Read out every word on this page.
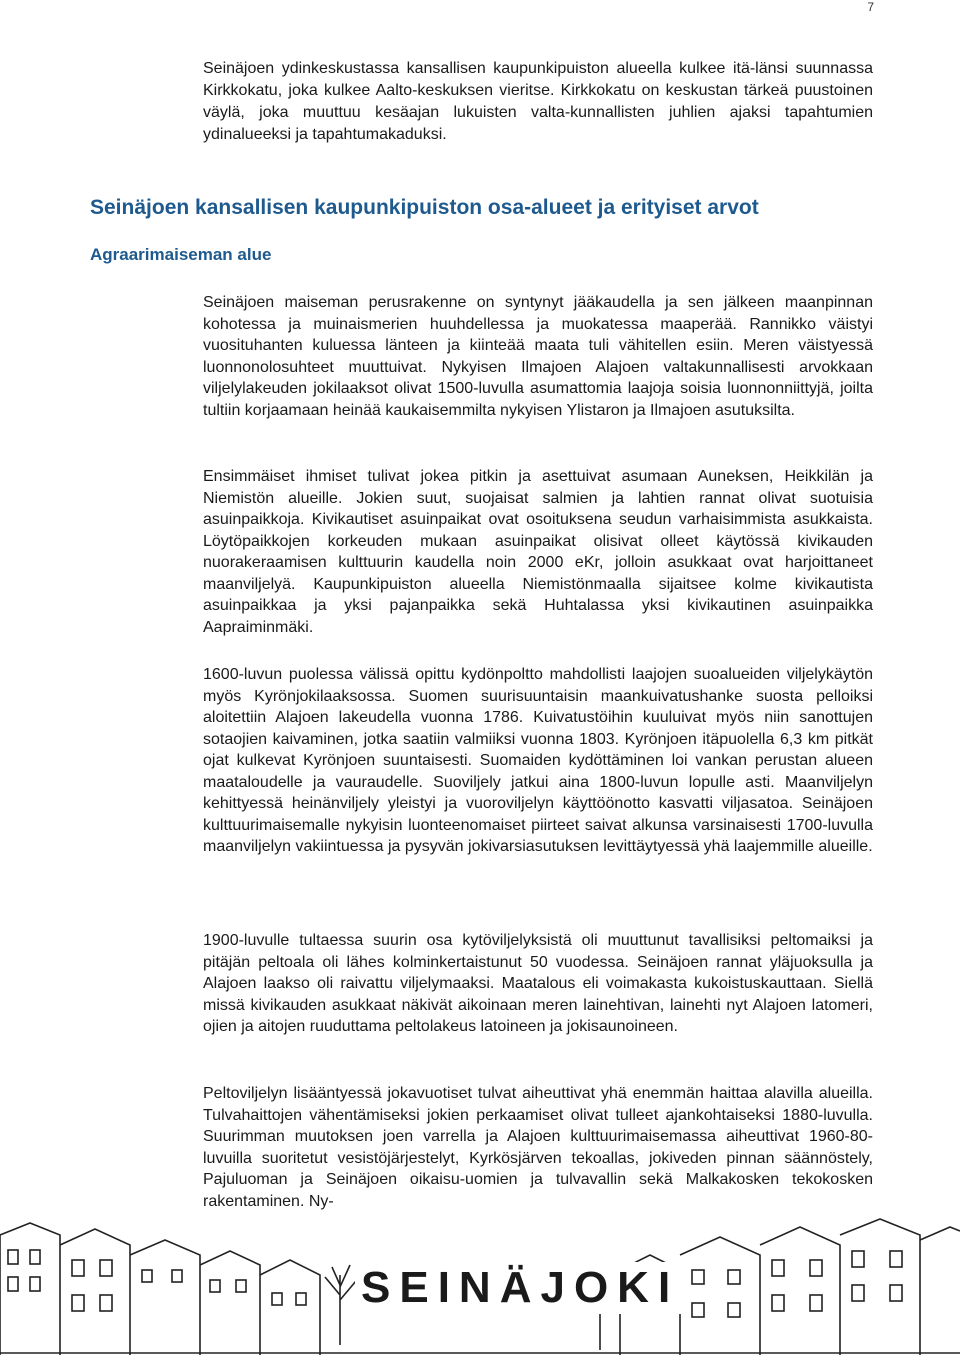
7

Seinäjoen ydinkeskustassa kansallisen kaupunkipuiston alueella kulkee itä-länsi suunnassa Kirkkokatu, joka kulkee Aalto-keskuksen vieritse. Kirkkokatu on keskustan tärkeä puustoinen väylä, joka muuttuu kesäajan lukuisten valta-kunnallisten juhlien ajaksi tapahtumien ydinalueeksi ja tapahtumakaduksi.

Seinäjoen kansallisen kaupunkipuiston osa-alueet ja erityiset arvot
Agraarimaiseman alue

Seinäjoen maiseman perusrakenne on syntynyt jääkaudella ja sen jälkeen maanpinnan kohotessa ja muinaismerien huuhdellessa ja muokatessa maaperää. Rannikko väistyi vuosituhanten kuluessa länteen ja kiinteää maata tuli vähitellen esiin. Meren väistyessä luonnonolosuhteet muuttuivat. Nykyisen Ilmajoen Alajoen valtakunnallisesti arvokkaan viljelylakeuden jokilaaksot olivat 1500-luvulla asumattomia laajoja soisia luonnonniittyjä, joilta tultiin korjaamaan heinää kaukaisemmilta nykyisen Ylistaron ja Ilmajoen asutuksilta.

Ensimmäiset ihmiset tulivat jokea pitkin ja asettuivat asumaan Auneksen, Heikkilän ja Niemistön alueille. Jokien suut, suojaisat salmien ja lahtien rannat olivat suotuisia asuinpaikkoja. Kivikautiset asuinpaikat ovat osoituksena seudun varhaisimmista asukkaista. Löytöpaikkojen korkeuden mukaan asuinpaikat olisivat olleet käytössä kivikauden nuorakeraamisen kulttuurin kaudella noin 2000 eKr, jolloin asukkaat ovat harjoittaneet maanviljelyä. Kaupunkipuiston alueella Niemistönmaalla sijaitsee kolme kivikautista asuinpaikkaa ja yksi pajanpaikka sekä Huhtalassa yksi kivikautinen asuinpaikka Aapraiminmäki.

1600-luvun puolessa välissä opittu kydönpoltto mahdollisti laajojen suoalueiden viljelykäytön myös Kyrönjokilaaksossa. Suomen suurisuuntaisin maankuivatushanke suosta pelloiksi aloitettiin Alajoen lakeudella vuonna 1786. Kuivatustöihin kuuluivat myös niin sanottujen sotaojien kaivaminen, jotka saatiin valmiiksi vuonna 1803. Kyrönjoen itäpuolella 6,3 km pitkät ojat kulkevat Kyrönjoen suuntaisesti. Suomaiden kydöttäminen loi vankan perustan alueen maataloudelle ja vauraudelle. Suoviljely jatkui aina 1800-luvun lopulle asti. Maanviljelyn kehittyessä heinänviljely yleistyi ja vuoroviljelyn käyttöönotto kasvatti viljasatoa. Seinäjoen kulttuurimaisemalle nykyisin luonteenomaiset piirteet saivat alkunsa varsinaisesti 1700-luvulla maanviljelyn vakiintuessa ja pysyvän jokivarsiasutuksen levittäytyessä yhä laajemmille alueille.

1900-luvulle tultaessa suurin osa kytöviljelyksistä oli muuttunut tavallisiksi peltomaiksi ja pitäjän peltoala oli lähes kolminkertaistunut 50 vuodessa. Seinäjoen rannat yläjuoksulla ja Alajoen laakso oli raivattu viljelymaaksi. Maatalous eli voimakasta kukoistuskauttaan. Siellä missä kivikauden asukkaat näkivät aikoinaan meren lainehtivan, lainehti nyt Alajoen latomeri, ojien ja aitojen ruuduttama peltolakeus latoineen ja jokisaunoineen.

Peltoviljelyn lisääntyessä jokavuotiset tulvat aiheuttivat yhä enemmän haittaa alavilla alueilla. Tulvahaittojen vähentämiseksi jokien perkaamiset olivat tulleet ajankohtaiseksi 1880-luvulla. Suurimman muutoksen joen varrella ja Alajoen kulttuurimaisemassa aiheuttivat 1960-80-luvuilla suoritetut vesistöjärjestelyt, Kyrkösjärven tekoallas, jokiveden pinnan säännöstely, Pajuluoman ja Seinäjoen oikaisu-uomien ja tulvavallin sekä Malkakosken tekokosken rakentaminen. Ny-

SEINÄJOKI
